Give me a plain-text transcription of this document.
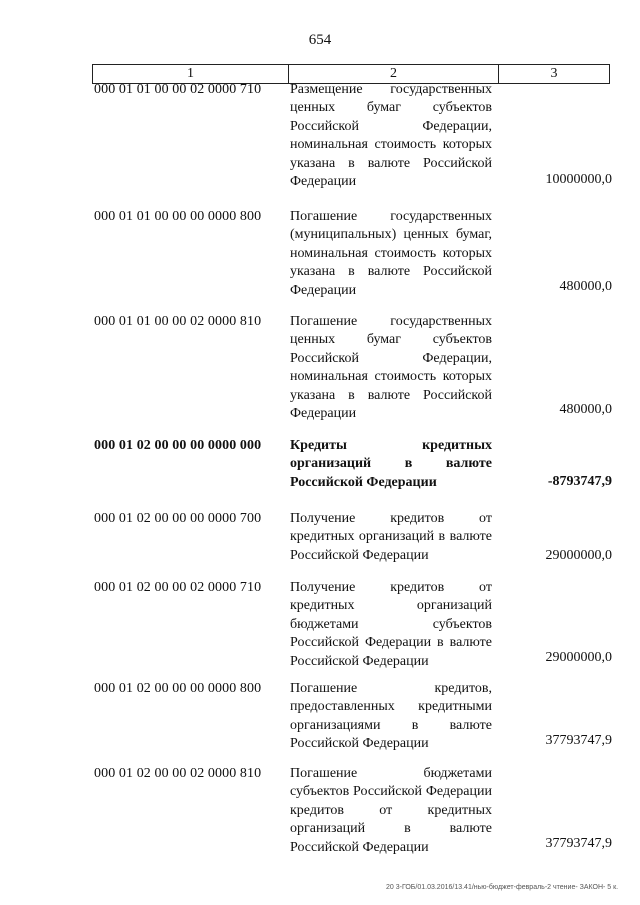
654
1	2	3
000 01 01 00 00 02 0000 710 Размещение государственных ценных бумаг субъектов Российской Федерации, номинальная стоимость которых указана в валюте Российской Федерации	10000000,0
000 01 01 00 00 00 0000 800 Погашение государственных (муниципальных) ценных бумаг, номинальная стоимость которых указана в валюте Российской Федерации	480000,0
000 01 01 00 00 02 0000 810 Погашение государственных ценных бумаг субъектов Российской Федерации, номинальная стоимость которых указана в валюте Российской Федерации	480000,0
000 01 02 00 00 00 0000 000 Кредиты кредитных организаций в валюте Российской Федерации	-8793747,9
000 01 02 00 00 00 0000 700 Получение кредитов от кредитных организаций в валюте Российской Федерации	29000000,0
000 01 02 00 00 02 0000 710 Получение кредитов от кредитных организаций бюджетами субъектов Российской Федерации в валюте Российской Федерации	29000000,0
000 01 02 00 00 00 0000 800 Погашение кредитов, предоставленных кредитными организациями в валюте Российской Федерации	37793747,9
000 01 02 00 00 02 0000 810 Погашение бюджетами субъектов Российской Федерации кредитов от кредитных организаций в валюте Российской Федерации	37793747,9
20 3-ГОБ/01.03.2016/13.41/нью-бюджет-февраль-2 чтение- ЗАКОН- 5 к.
